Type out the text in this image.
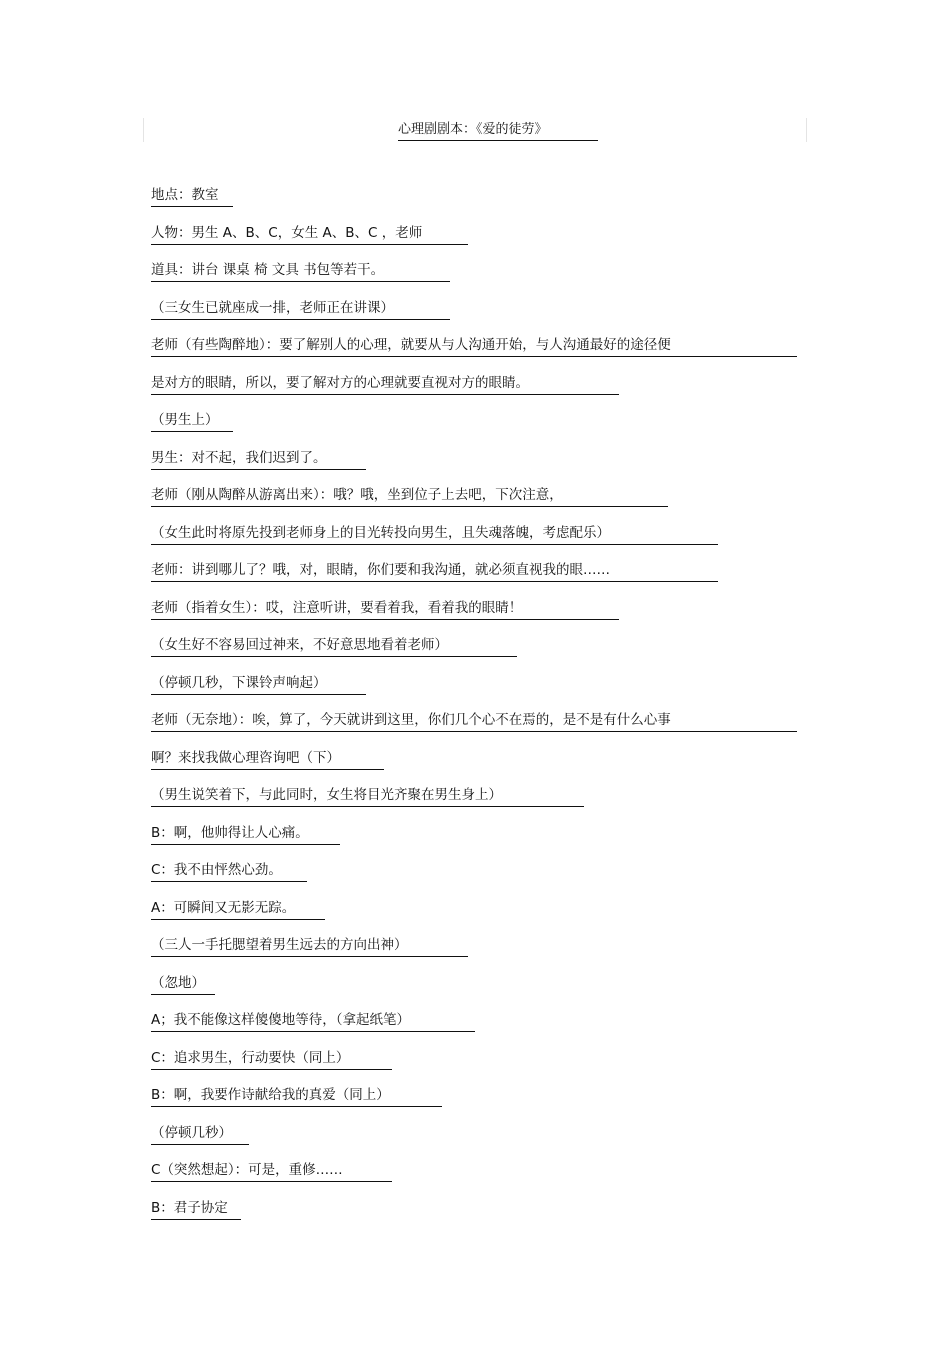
心理剧剧本：《爱的徒劳》
地点：教室
人物：男生 A、B、C，女生 A、B、C ，老师
道具：讲台 课桌 椅 文具 书包等若干。
（三女生已就座成一排，老师正在讲课）
老师（有些陶醉地）：要了解别人的心理，就要从与人沟通开始，与人沟通最好的途径便
是对方的眼睛，所以，要了解对方的心理就要直视对方的眼睛。
（男生上）
男生：对不起，我们迟到了。
老师（刚从陶醉从游离出来）：哦？哦，坐到位子上去吧，下次注意，
（女生此时将原先投到老师身上的目光转投向男生，且失魂落魄，考虑配乐）
老师：讲到哪儿了？哦，对，眼睛，你们要和我沟通，就必须直视我的眼……
老师（指着女生）：哎，注意听讲，要看着我，看着我的眼睛！
（女生好不容易回过神来，不好意思地看着老师）
（停顿几秒，下课铃声响起）
老师（无奈地）：唉，算了，今天就讲到这里，你们几个心不在焉的，是不是有什么心事
啊？来找我做心理咨询吧（下）
（男生说笑着下，与此同时，女生将目光齐聚在男生身上）
B：啊，他帅得让人心痛。
C：我不由怦然心劲。
A：可瞬间又无影无踪。
（三人一手托腮望着男生远去的方向出神）
（忽地）
A；我不能像这样傻傻地等待，（拿起纸笔）
C：追求男生，行动要快（同上）
B：啊，我要作诗献给我的真爱（同上）
（停顿几秒）
C（突然想起）：可是，重修……
B：君子协定
